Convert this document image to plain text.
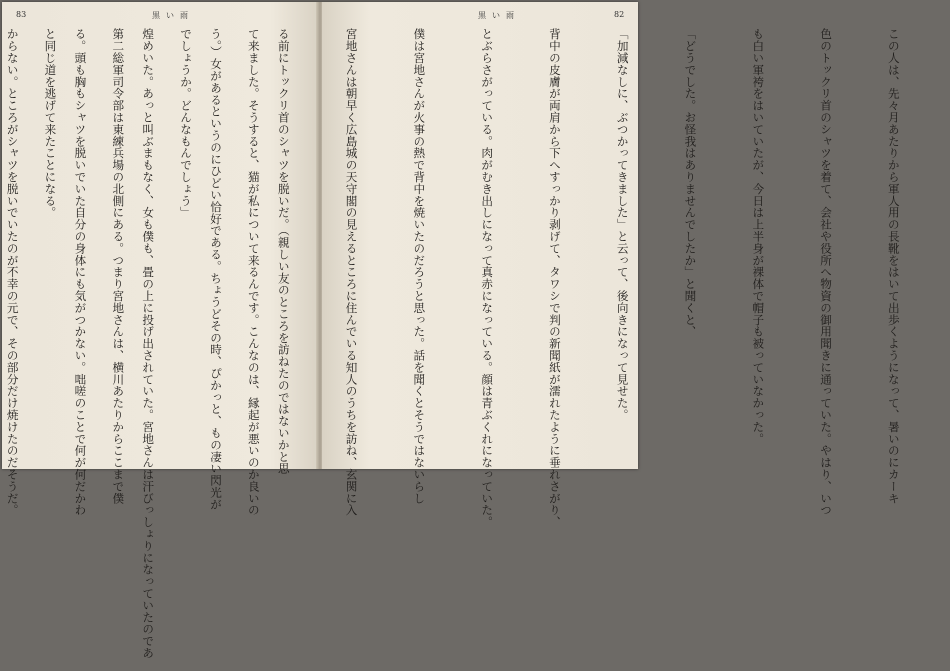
83	黒い雨

て来ました。そうすると、猫が私について来るんです。こんなのは、縁起が悪いのか良いの

でしょうか。どんなもんでしょう」

第二総軍司令部は東練兵場の北側にある。つまり宮地さんは、横川あたりからここまで僕

と同じ道を逃げて来たことになる。

	この人は、先々月あたりから軍人用の長靴をはいて出歩くようになって、暑いのにカーキ

色のトックリ首のシャツを着て、会社や役所へ物資の御用聞きに通っていた。やはり、いつ

も白い軍袴をはいていたが、今日は上半身が裸体で帽子も被っていなかった。

「どうでした。お怪我はありませんでしたか」と聞くと、

「加減なしに、ぶつかってきました」と云って、後向きになって見せた。

背中の皮膚が両肩から下へすっかり剥げて、タワシで判の新聞紙が濡れたように垂れさがり、

とぶらさがっている。肉がむき出しになって真赤になっている。顔は青ぶくれになっていた。

僕は宮地さんが火事の熱で背中を焼いたのだろうと思った。話を聞くとそうではないらし

宮地さんは朝早く広島城の天守閣の見えるところに住んでいる知人のうちを訪ね、玄関に入

る前にトックリ首のシャツを脱いだ。（親しい友のところを訪ねたのではないかと思

う。）女があるというのにひどい恰好である。ちょうどその時、ぴかっと、もの凄い閃光が

煌めいた。あっと叫ぶまもなく、女も僕も、畳の上に投げ出されていた。宮地さんは汗びっしょりになっていたのであ

る。頭も胸もシャツを脱いでいた自分の身体にも気がつかない。咄嗟のことで何が何だかわ

からない。ところがシャツを脱いでいたのが不幸の元で、その部分だけ焼けたのだそうだ。

黒い雨	82
